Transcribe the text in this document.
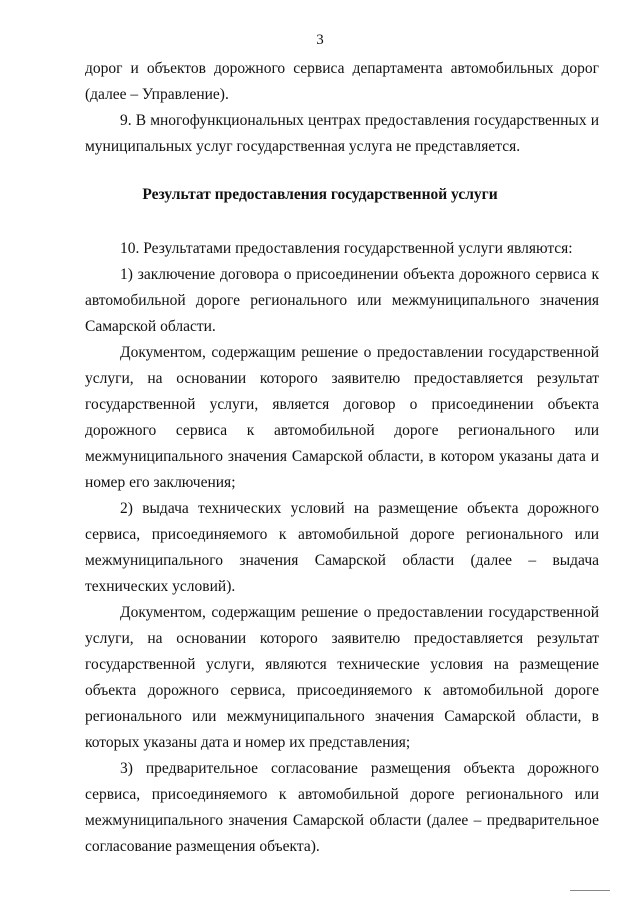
3

дорог и объектов дорожного сервиса департамента автомобильных дорог (далее – Управление).

9. В многофункциональных центрах предоставления государственных и муниципальных услуг государственная услуга не представляется.

Результат предоставления государственной услуги

10. Результатами предоставления государственной услуги являются:

1) заключение договора о присоединении объекта дорожного сервиса к автомобильной дороге регионального или межмуниципального значения Самарской области.

Документом, содержащим решение о предоставлении государственной услуги, на основании которого заявителю предоставляется результат государственной услуги, является договор о присоединении объекта дорожного сервиса к автомобильной дороге регионального или межмуниципального значения Самарской области, в котором указаны дата и номер его заключения;

2) выдача технических условий на размещение объекта дорожного сервиса, присоединяемого к автомобильной дороге регионального или межмуниципального значения Самарской области (далее – выдача технических условий).

Документом, содержащим решение о предоставлении государственной услуги, на основании которого заявителю предоставляется результат государственной услуги, являются технические условия на размещение объекта дорожного сервиса, присоединяемого к автомобильной дороге регионального или межмуниципального значения Самарской области, в которых указаны дата и номер их представления;

3) предварительное согласование размещения объекта дорожного сервиса, присоединяемого к автомобильной дороге регионального или межмуниципального значения Самарской области (далее – предварительное согласование размещения объекта).
